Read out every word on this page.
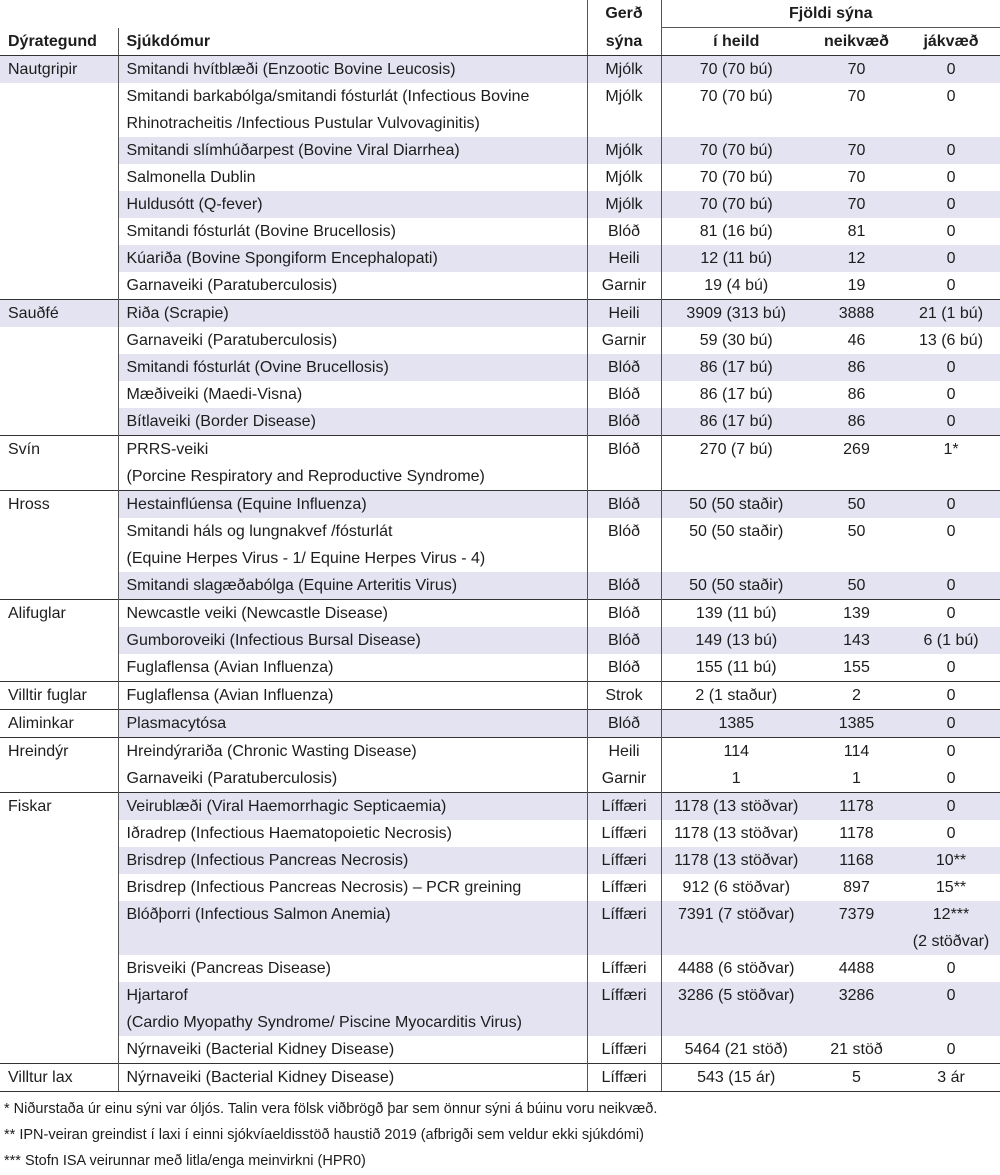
		Gerð	Fjöldi sýna		
Dýrategund	Sjúkdómur	sýna	í heild	neikvæð	jákvæð

Nautgripir	Smitandi hvítblæði (Enzootic Bovine Leucosis)	Mjólk	70 (70 bú)	70	0

	Smitandi barkabólga/smitandi fósturlát (Infectious Bovine
Rhinotracheitis /Infectious Pustular Vulvovaginitis)	Mjólk	70 (70 bú)	70	0

	Smitandi slímhúðarpest (Bovine Viral Diarrhea)	Mjólk	70 (70 bú)	70	0

	Salmonella Dublin	Mjólk	70 (70 bú)	70	0

	Huldusótt (Q-fever)	Mjólk	70 (70 bú)	70	0

	Smitandi fósturlát (Bovine Brucellosis)	Blóð	81 (16 bú)	81	0

	Kúariða (Bovine Spongiform Encephalopati)	Heili	12 (11 bú)	12	0

	Garnaveiki (Paratuberculosis)	Garnir	19 (4 bú)	19	0

Sauðfé	Riða (Scrapie)	Heili	3909 (313 bú)	3888	21 (1 bú)

	Garnaveiki (Paratuberculosis)	Garnir	59 (30 bú)	46	13 (6 bú)

	Smitandi fósturlát (Ovine Brucellosis)	Blóð	86 (17 bú)	86	0

	Mæðiveiki (Maedi-Visna)	Blóð	86 (17 bú)	86	0

	Bítlaveiki (Border Disease)	Blóð	86 (17 bú)	86	0

Svín	PRRS-veiki
(Porcine Respiratory and Reproductive Syndrome)	Blóð	270 (7 bú)	269	1*

Hross	Hestainflúensa (Equine Influenza)	Blóð	50 (50 staðir)	50	0

	Smitandi háls og lungnakvef /fósturlát
(Equine Herpes Virus - 1/ Equine Herpes Virus - 4)	Blóð	50 (50 staðir)	50	0

	Smitandi slagæðabólga (Equine Arteritis Virus)	Blóð	50 (50 staðir)	50	0

Alifuglar	Newcastle veiki (Newcastle Disease)	Blóð	139 (11 bú)	139	0

	Gumboroveiki (Infectious Bursal Disease)	Blóð	149 (13 bú)	143	6 (1 bú)

	Fuglaflensa (Avian Influenza)	Blóð	155 (11 bú)	155	0

Villtir fuglar	Fuglaflensa (Avian Influenza)	Strok	2 (1 staður)	2	0

Aliminkar	Plasmacytósa	Blóð	1385	1385	0

Hreindýr	Hreindýrariða (Chronic Wasting Disease)	Heili	114	114	0

	Garnaveiki (Paratuberculosis)	Garnir	1	1	0

Fiskar	Veirublæði (Viral Haemorrhagic Septicaemia)	Líffæri	1178 (13 stöðvar)	1178	0

	Iðradrep (Infectious Haematopoietic Necrosis)	Líffæri	1178 (13 stöðvar)	1178	0

	Brisdrep (Infectious Pancreas Necrosis)	Líffæri	1178 (13 stöðvar)	1168	10**

	Brisdrep (Infectious Pancreas Necrosis) – PCR greining	Líffæri	912 (6 stöðvar)	897	15**

	Blóðþorri (Infectious Salmon Anemia)	Líffæri	7391 (7 stöðvar)	7379	12***
(2 stöðvar)

	Brisveiki (Pancreas Disease)	Líffæri	4488 (6 stöðvar)	4488	0

	Hjartarof
(Cardio Myopathy Syndrome/ Piscine Myocarditis Virus)	Líffæri	3286 (5 stöðvar)	3286	0

	Nýrnaveiki (Bacterial Kidney Disease)	Líffæri	5464 (21 stöð)	21 stöð	0

Villtur lax	Nýrnaveiki (Bacterial Kidney Disease)	Líffæri	543 (15 ár)	5	3 ár
* Niðurstaða úr einu sýni var óljós. Talin vera fölsk viðbrögð þar sem önnur sýni á búinu voru neikvæð.
** IPN-veiran greindist í laxi í einni sjókvíaeldisstöð haustið 2019 (afbrigði sem veldur ekki sjúkdómi)
*** Stofn ISA veirunnar með litla/enga meinvirkni (HPR0)
